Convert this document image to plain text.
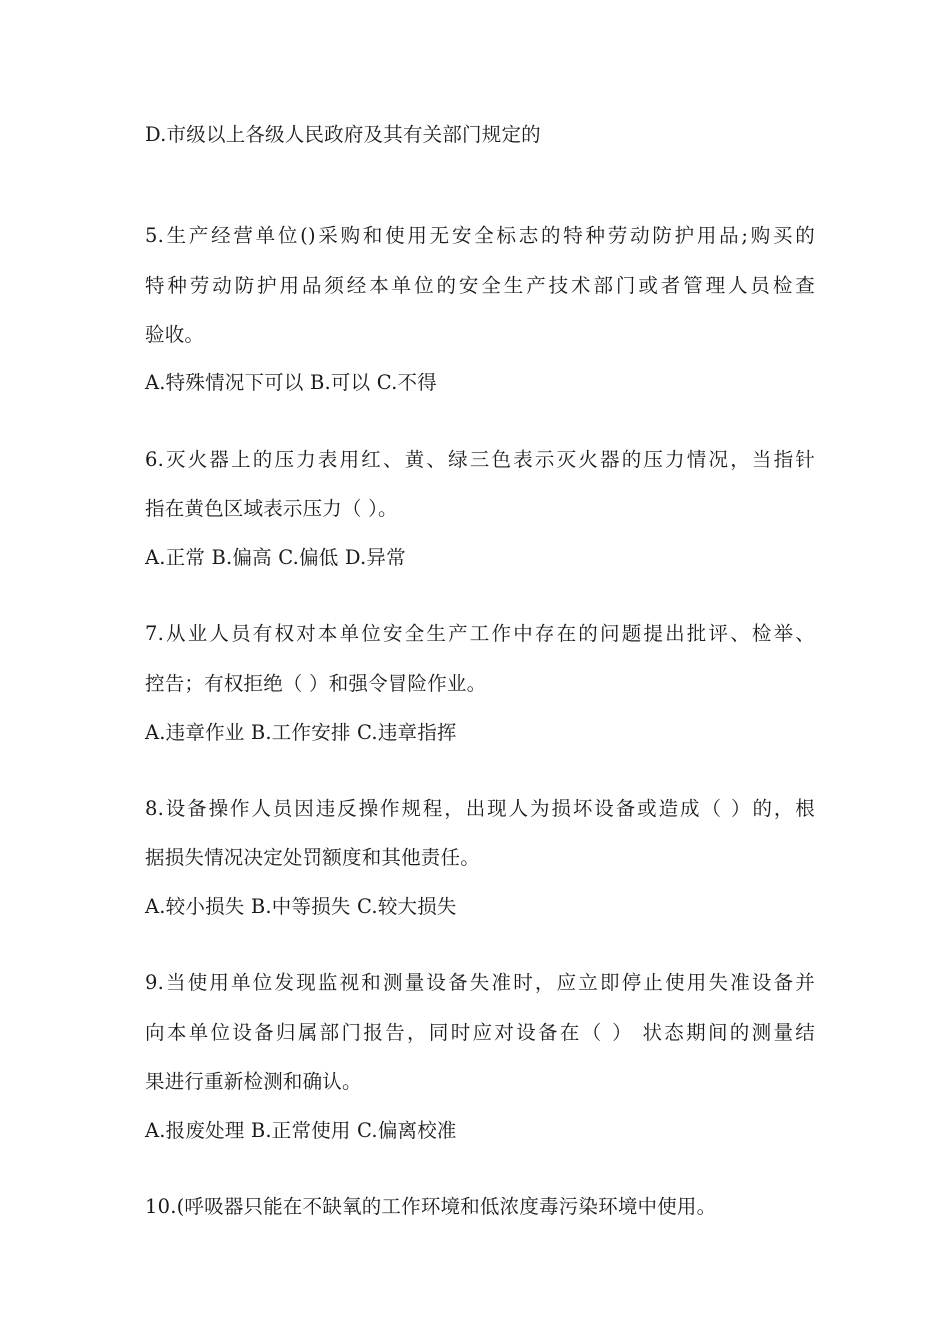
D.市级以上各级人民政府及其有关部门规定的
5.生产经营单位()采购和使用无安全标志的特种劳动防护用品;购买的
特种劳动防护用品须经本单位的安全生产技术部门或者管理人员检查
验收。
A.特殊情况下可以 B.可以 C.不得
6.灭火器上的压力表用红、黄、绿三色表示灭火器的压力情况，当指针
指在黄色区域表示压力（ ）。
A.正常 B.偏高 C.偏低 D.异常
7.从业人员有权对本单位安全生产工作中存在的问题提出批评、检举、
控告；有权拒绝（ ）和强令冒险作业。
A.违章作业 B.工作安排 C.违章指挥
8.设备操作人员因违反操作规程，出现人为损坏设备或造成（ ）的，根
据损失情况决定处罚额度和其他责任。
A.较小损失 B.中等损失 C.较大损失
9.当使用单位发现监视和测量设备失准时，应立即停止使用失准设备并
向本单位设备归属部门报告，同时应对设备在（ ） 状态期间的测量结
果进行重新检测和确认。
A.报废处理 B.正常使用 C.偏离校准
10.(呼吸器只能在不缺氧的工作环境和低浓度毒污染环境中使用。
